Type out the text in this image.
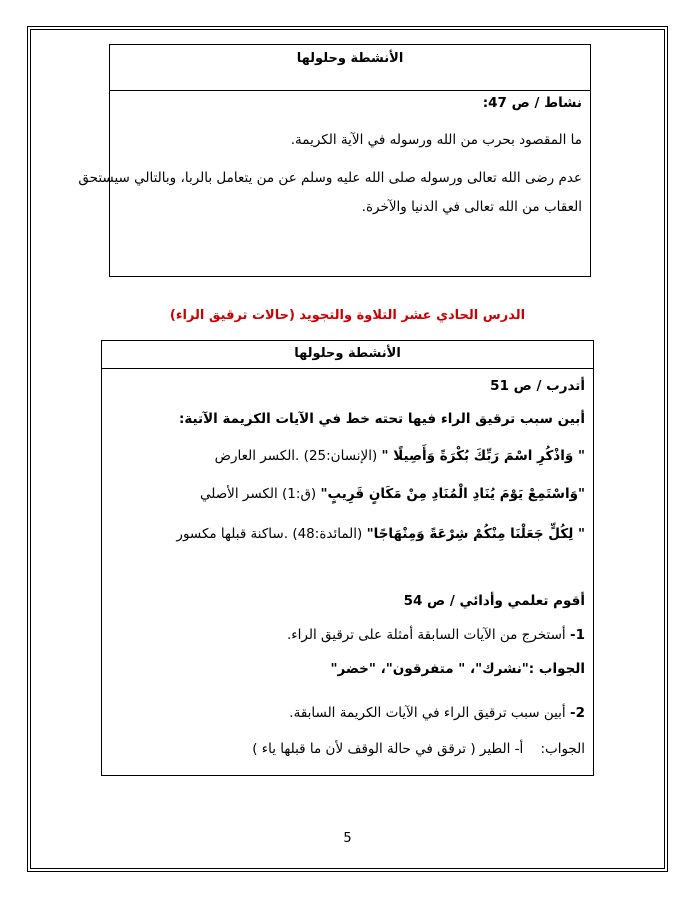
الأنشطة وحلولها
نشاط / ص 47:
ما المقصود بحرب من الله ورسوله في الآية الكريمة.
عدم رضى الله تعالى ورسوله صلى الله عليه وسلم عن من يتعامل بالربا، وبالتالي سيستحق
العقاب من الله تعالى في الدنيا والآخرة.
الدرس الحادي عشر التلاوة والتجويد (حالات ترقيق الراء)
الأنشطة وحلولها
أتدرب / ص 51
أبين سبب ترقيق الراء فيها تحته خط في الآيات الكريمة الآتية:
" وَاذْكُرِ اسْمَ رَبِّكَ بُكْرَةً وَأَصِيلًا " (الإنسان:25) .الكسر العارض
"وَاسْتَمِعْ يَوْمَ يُنَادِ الْمُنَادِ مِنْ مَكَانٍ قَرِيبٍ" (ق:1) الكسر الأصلي
" لِكُلٍّ جَعَلْنَا مِنْكُمْ شِرْعَةً وَمِنْهَاجًا" (المائدة:48) .ساكنة قبلها مكسور
أقوم تعلمي وأدائي / ص 54
1- أستخرج من الآيات السابقة أمثلة على ترقيق الراء.
الجواب :"نشرك"، " متفرقون"، "خضر"
2- أبين سبب ترقيق الراء في الآيات الكريمة السابقة.
الجواب:    أ- الطير ( ترقق في حالة الوقف لأن ما قبلها ياء )
5
